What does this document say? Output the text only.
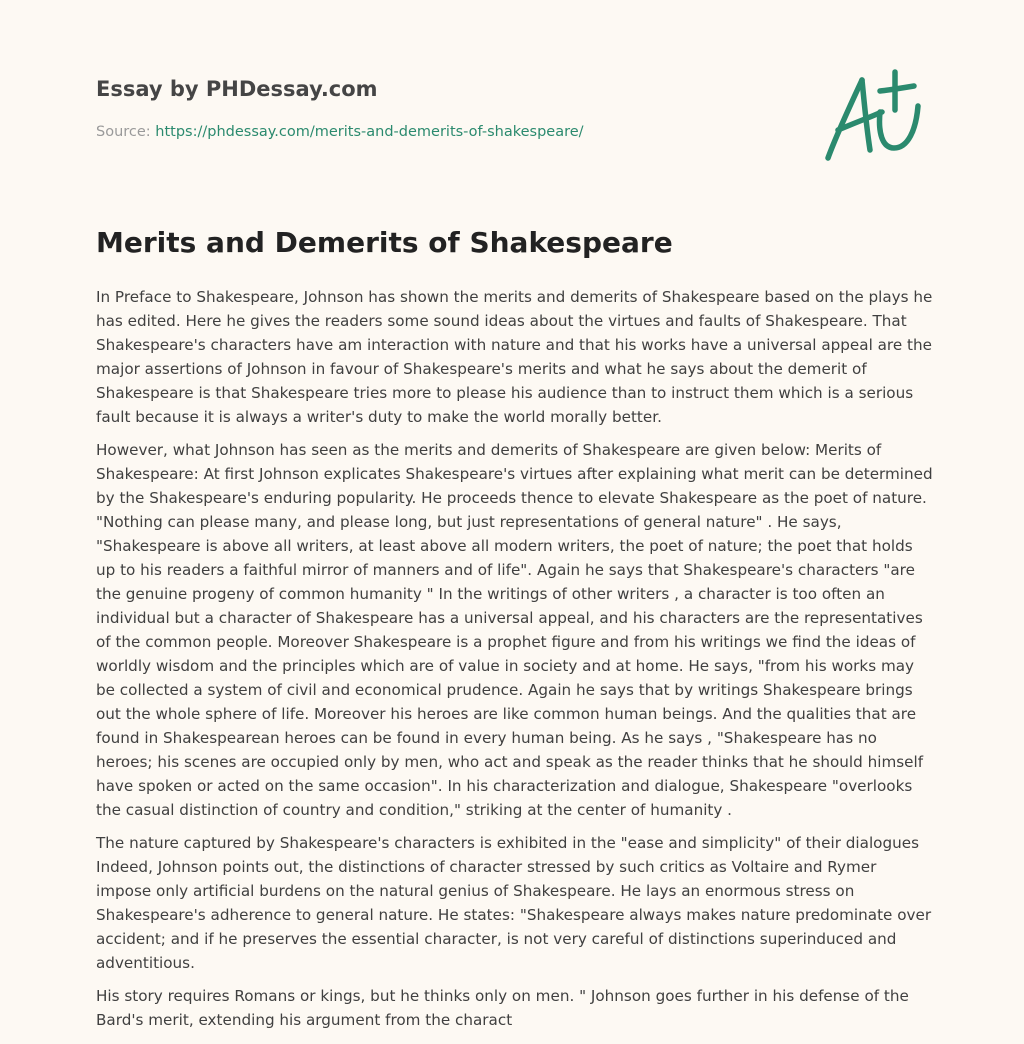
Essay by PHDessay.com
Source: https://phdessay.com/merits-and-demerits-of-shakespeare/
Merits and Demerits of Shakespeare

In Preface to Shakespeare, Johnson has shown the merits and demerits of Shakespeare based on the plays he has edited. Here he gives the readers some sound ideas about the virtues and faults of Shakespeare. That Shakespeare's characters have am interaction with nature and that his works have a universal appeal are the major assertions of Johnson in favour of Shakespeare's merits and what he says about the demerit of Shakespeare is that Shakespeare tries more to please his audience than to instruct them which is a serious fault because it is always a writer's duty to make the world morally better.

However, what Johnson has seen as the merits and demerits of Shakespeare are given below: Merits of Shakespeare: At first Johnson explicates Shakespeare's virtues after explaining what merit can be determined by the Shakespeare's enduring popularity. He proceeds thence to elevate Shakespeare as the poet of nature. "Nothing can please many, and please long, but just representations of general nature" . He says, "Shakespeare is above all writers, at least above all modern writers, the poet of nature; the poet that holds up to his readers a faithful mirror of manners and of life". Again he says that Shakespeare's characters "are the genuine progeny of common humanity " In the writings of other writers , a character is too often an individual but a character of Shakespeare has a universal appeal, and his characters are the representatives of the common people. Moreover Shakespeare is a prophet figure and from his writings we find the ideas of worldly wisdom and the principles which are of value in society and at home. He says, "from his works may be collected a system of civil and economical prudence. Again he says that by writings Shakespeare brings out the whole sphere of life. Moreover his heroes are like common human beings. And the qualities that are found in Shakespearean heroes can be found in every human being. As he says , "Shakespeare has no heroes; his scenes are occupied only by men, who act and speak as the reader thinks that he should himself have spoken or acted on the same occasion". In his characterization and dialogue, Shakespeare "overlooks the casual distinction of country and condition," striking at the center of humanity .

The nature captured by Shakespeare's characters is exhibited in the "ease and simplicity" of their dialogues Indeed, Johnson points out, the distinctions of character stressed by such critics as Voltaire and Rymer impose only artificial burdens on the natural genius of Shakespeare. He lays an enormous stress on Shakespeare's adherence to general nature. He states: "Shakespeare always makes nature predominate over accident; and if he preserves the essential character, is not very careful of distinctions superinduced and adventitious.

His story requires Romans or kings, but he thinks only on men. " Johnson goes further in his defense of the Bard's merit, extending his argument from the charact
